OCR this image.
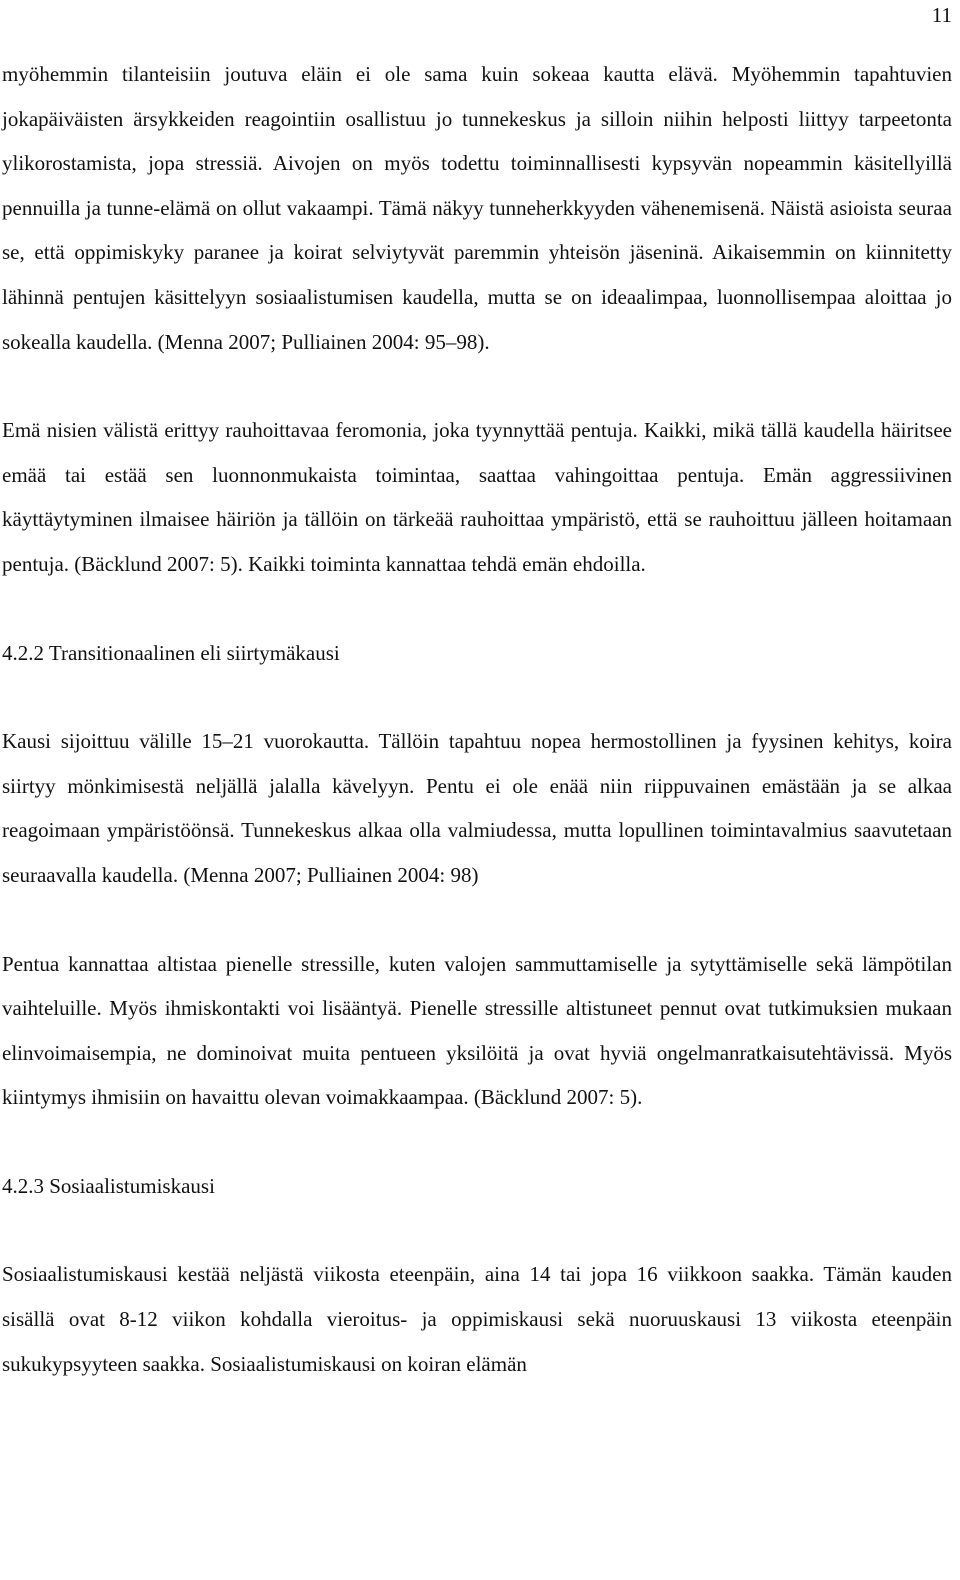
11

myöhemmin tilanteisiin joutuva eläin ei ole sama kuin sokeaa kautta elävä. Myöhemmin tapahtuvien jokapäiväisten ärsykkeiden reagointiin osallistuu jo tunnekeskus ja silloin niihin helposti liittyy tarpeetonta ylikorostamista, jopa stressiä. Aivojen on myös todettu toiminnallisesti kypsyvän nopeammin käsitellyillä pennuilla ja tunne-elämä on ollut vakaampi. Tämä näkyy tunneherkkyyden vähenemisenä. Näistä asioista seuraa se, että oppimiskyky paranee ja koirat selviytyvät paremmin yhteisön jäseninä. Aikaisemmin on kiinnitetty lähinnä pentujen käsittelyyn sosiaalistumisen kaudella, mutta se on ideaalimpaa, luonnollisempaa aloittaa jo sokealla kaudella. (Menna 2007; Pulliainen 2004: 95–98).

Emä nisien välistä erittyy rauhoittavaa feromonia, joka tyynnyttää pentuja. Kaikki, mikä tällä kaudella häiritsee emää tai estää sen luonnonmukaista toimintaa, saattaa vahingoittaa pentuja. Emän aggressiivinen käyttäytyminen ilmaisee häiriön ja tällöin on tärkeää rauhoittaa ympäristö, että se rauhoittuu jälleen hoitamaan pentuja. (Bäcklund 2007: 5). Kaikki toiminta kannattaa tehdä emän ehdoilla.

4.2.2 Transitionaalinen eli siirtymäkausi

Kausi sijoittuu välille 15–21 vuorokautta. Tällöin tapahtuu nopea hermostollinen ja fyysinen kehitys, koira siirtyy mönkimisestä neljällä jalalla kävelyyn. Pentu ei ole enää niin riippuvainen emästään ja se alkaa reagoimaan ympäristöönsä. Tunnekeskus alkaa olla valmiudessa, mutta lopullinen toimintavalmius saavutetaan seuraavalla kaudella. (Menna 2007; Pulliainen 2004: 98)

Pentua kannattaa altistaa pienelle stressille, kuten valojen sammuttamiselle ja sytyttämiselle sekä lämpötilan vaihteluille. Myös ihmiskontakti voi lisääntyä. Pienelle stressille altistuneet pennut ovat tutkimuksien mukaan elinvoimaisempia, ne dominoivat muita pentueen yksilöitä ja ovat hyviä ongelmanratkaisutehtävissä. Myös kiintymys ihmisiin on havaittu olevan voimakkaampaa. (Bäcklund 2007: 5).

4.2.3 Sosiaalistumiskausi

Sosiaalistumiskausi kestää neljästä viikosta eteenpäin, aina 14 tai jopa 16 viikkoon saakka. Tämän kauden sisällä ovat 8-12 viikon kohdalla vieroitus- ja oppimiskausi sekä nuoruuskausi 13 viikosta eteenpäin sukukypsyyteen saakka. Sosiaalistumiskausi on koiran elämän
